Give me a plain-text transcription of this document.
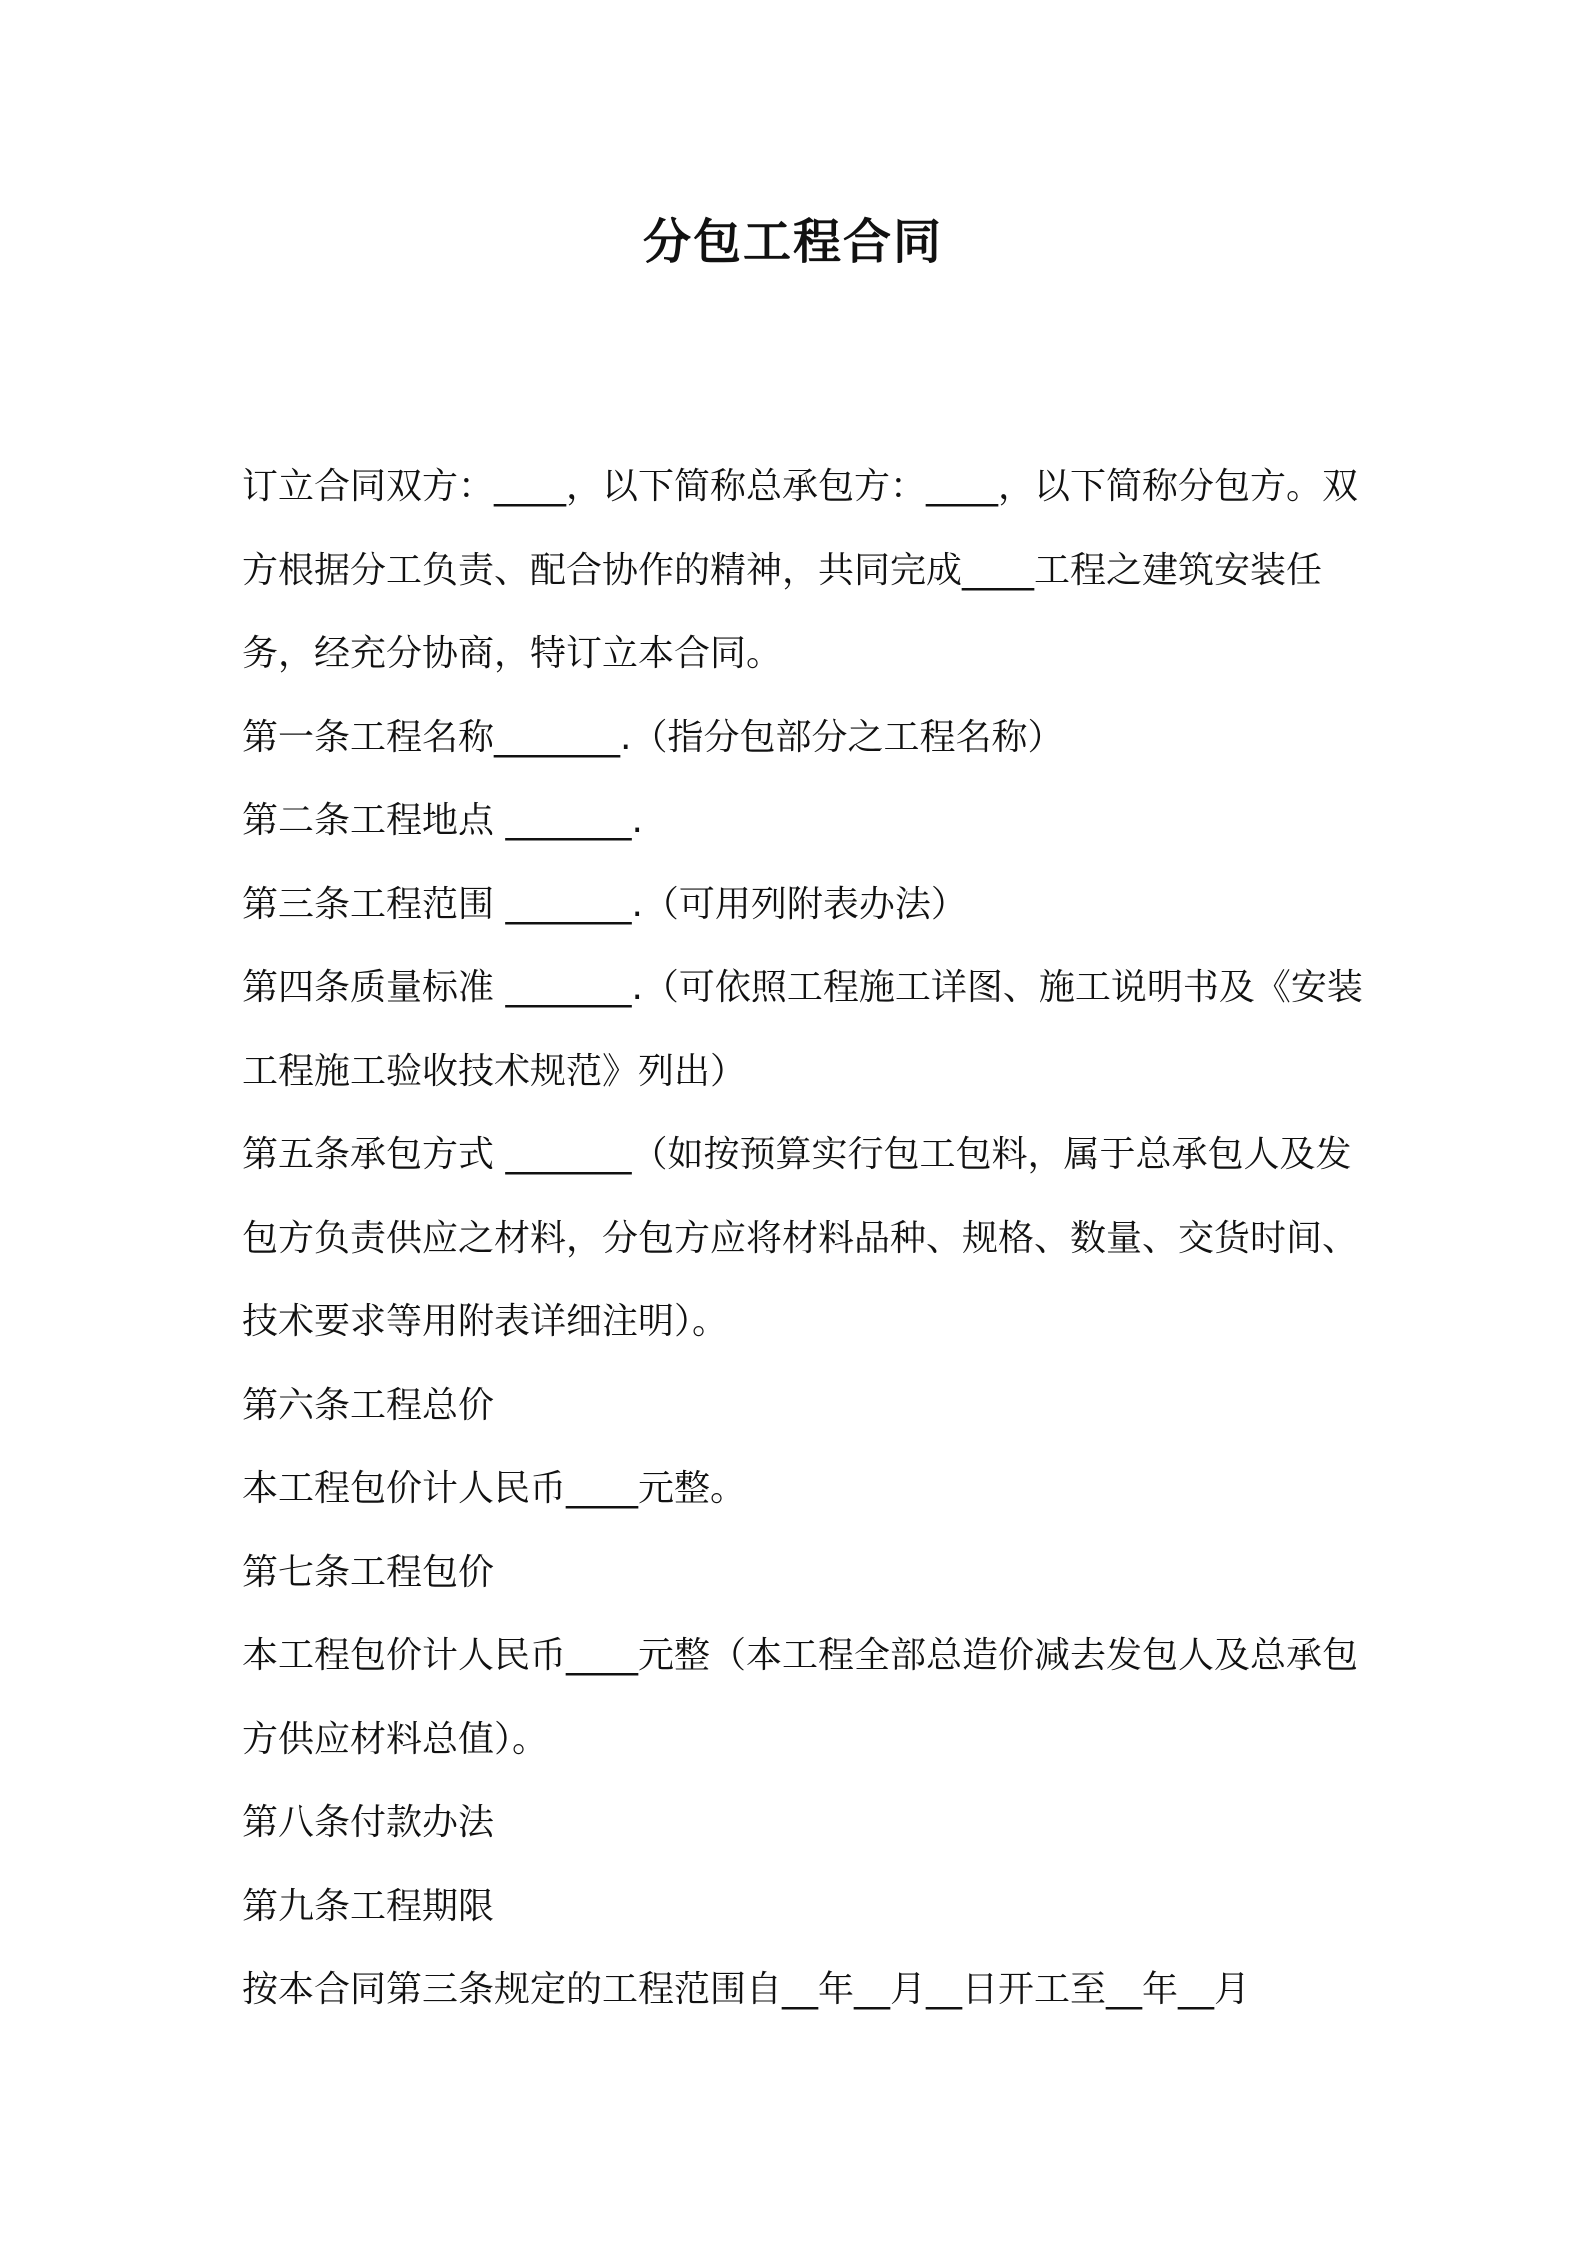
分包工程合同

订立合同双方：____，以下简称总承包方：____，以下简称分包方。双方根据分工负责、配合协作的精神，共同完成____工程之建筑安装任务，经充分协商，特订立本合同。

第一条工程名称_______.（指分包部分之工程名称）

第二条工程地点 _______.

第三条工程范围 _______.（可用列附表办法）

第四条质量标准 _______.（可依照工程施工详图、施工说明书及《安装工程施工验收技术规范》列出）

第五条承包方式 _______（如按预算实行包工包料，属于总承包人及发包方负责供应之材料，分包方应将材料品种、规格、数量、交货时间、技术要求等用附表详细注明）。

第六条工程总价

本工程包价计人民币____元整。

第七条工程包价

本工程包价计人民币____元整（本工程全部总造价减去发包人及总承包方供应材料总值）。

第八条付款办法

第九条工程期限

按本合同第三条规定的工程范围自__年__月__日开工至__年__月
